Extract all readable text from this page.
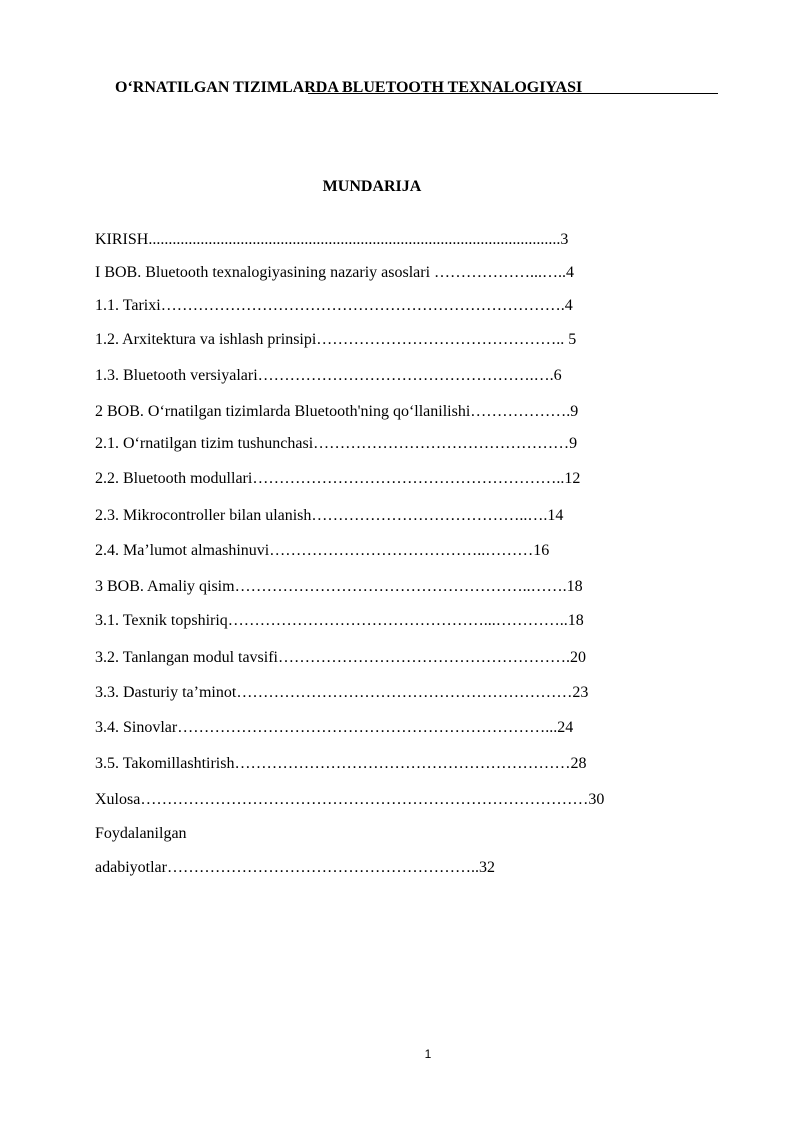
O‘RNATILGAN TIZIMLARDA BLUETOOTH TEXNALOGIYASI
MUNDARIJA
KIRISH.......................................................................................................3
I BOB. Bluetooth texnalogiyasining nazariy asoslari ………………...…..4
1.1. Tarixi………………………………………………………………….4
1.2. Arxitektura va ishlash prinsipi……………………………………….. 5
1.3. Bluetooth versiyalari…………………………………………….….6
2 BOB. O‘rnatilgan tizimlarda Bluetooth'ning qo‘llanilishi……………….9
2.1. O‘rnatilgan tizim tushunchasi…………………………………………9
2.2. Bluetooth modullari…………………………………………………..12
2.3. Mikrocontroller bilan ulanish…………………………………..….14
2.4. Ma’lumot almashinuvi…………………………………..………16
3 BOB. Amaliy qisim………………………………………………..…….18
3.1. Texnik topshiriq…………………………………………...…………..18
3.2. Tanlangan modul tavsifi……………………………………………….20
3.3. Dasturiy ta’minot………………………………………………………23
3.4. Sinovlar……………………………………………………………...24
3.5. Takomillashtirish………………………………………………………28
Xulosa…………………………………………………………………………30
Foydalanilgan
adabiyotlar…………………………………………………..32
1
